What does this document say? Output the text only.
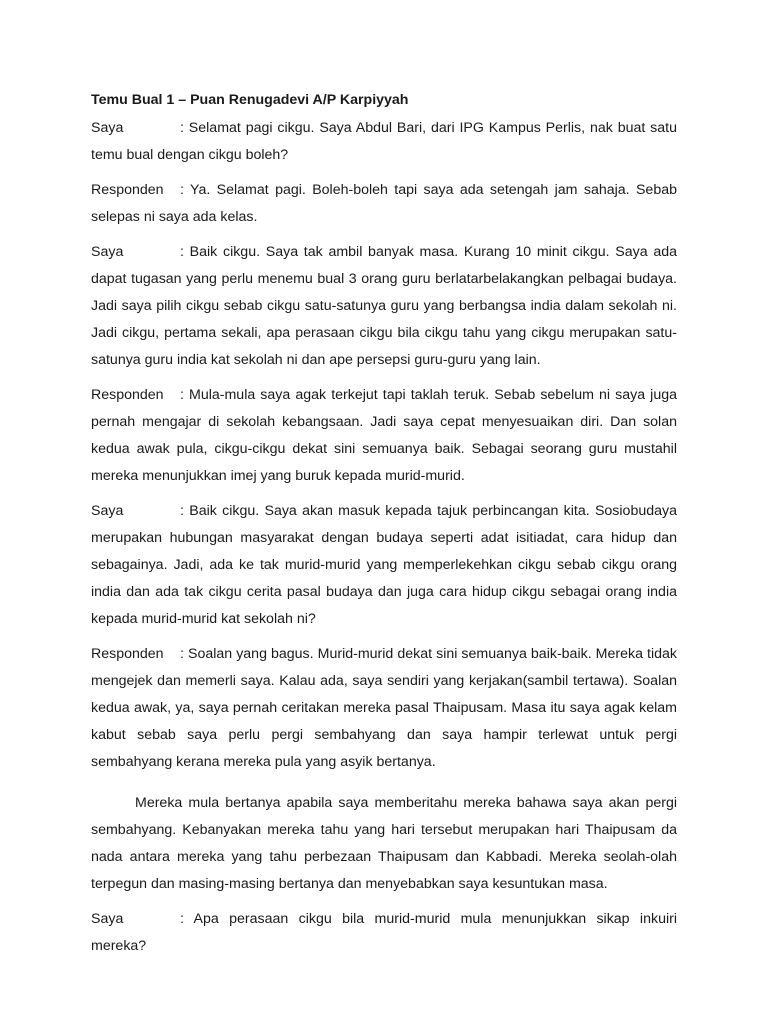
Temu Bual 1 – Puan Renugadevi A/P Karpiyyah

Saya	: Selamat pagi cikgu. Saya Abdul Bari, dari IPG Kampus Perlis, nak buat satu temu bual dengan cikgu boleh?

Responden : Ya. Selamat pagi. Boleh-boleh tapi saya ada setengah jam sahaja. Sebab selepas ni saya ada kelas.

Saya	: Baik cikgu. Saya tak ambil banyak masa. Kurang 10 minit cikgu. Saya ada dapat tugasan yang perlu menemu bual 3 orang guru berlatarbelakangkan pelbagai budaya. Jadi saya pilih cikgu sebab cikgu satu-satunya guru yang berbangsa india dalam sekolah ni. Jadi cikgu, pertama sekali, apa perasaan cikgu bila cikgu tahu yang cikgu merupakan satu-satunya guru india kat sekolah ni dan ape persepsi guru-guru yang lain.

Responden : Mula-mula saya agak terkejut tapi taklah teruk. Sebab sebelum ni saya juga pernah mengajar di sekolah kebangsaan. Jadi saya cepat menyesuaikan diri. Dan solan kedua awak pula, cikgu-cikgu dekat sini semuanya baik. Sebagai seorang guru mustahil mereka menunjukkan imej yang buruk kepada murid-murid.

Saya	: Baik cikgu. Saya akan masuk kepada tajuk perbincangan kita. Sosiobudaya merupakan hubungan masyarakat dengan budaya seperti adat isitiadat, cara hidup dan sebagainya. Jadi, ada ke tak murid-murid yang memperlekehkan cikgu sebab cikgu orang india dan ada tak cikgu cerita pasal budaya dan juga cara hidup cikgu sebagai orang india kepada murid-murid kat sekolah ni?

Responden : Soalan yang bagus. Murid-murid dekat sini semuanya baik-baik. Mereka tidak mengejek dan memerli saya. Kalau ada, saya sendiri yang kerjakan(sambil tertawa). Soalan kedua awak, ya, saya pernah ceritakan mereka pasal Thaipusam. Masa itu saya agak kelam kabut sebab saya perlu pergi sembahyang dan saya hampir terlewat untuk pergi sembahyang kerana mereka pula yang asyik bertanya.

Mereka mula bertanya apabila saya memberitahu mereka bahawa saya akan pergi sembahyang. Kebanyakan mereka tahu yang hari tersebut merupakan hari Thaipusam da nada antara mereka yang tahu perbezaan Thaipusam dan Kabbadi. Mereka seolah-olah terpegun dan masing-masing bertanya dan menyebabkan saya kesuntukan masa.

Saya	: Apa perasaan cikgu bila murid-murid mula menunjukkan sikap inkuiri mereka?
